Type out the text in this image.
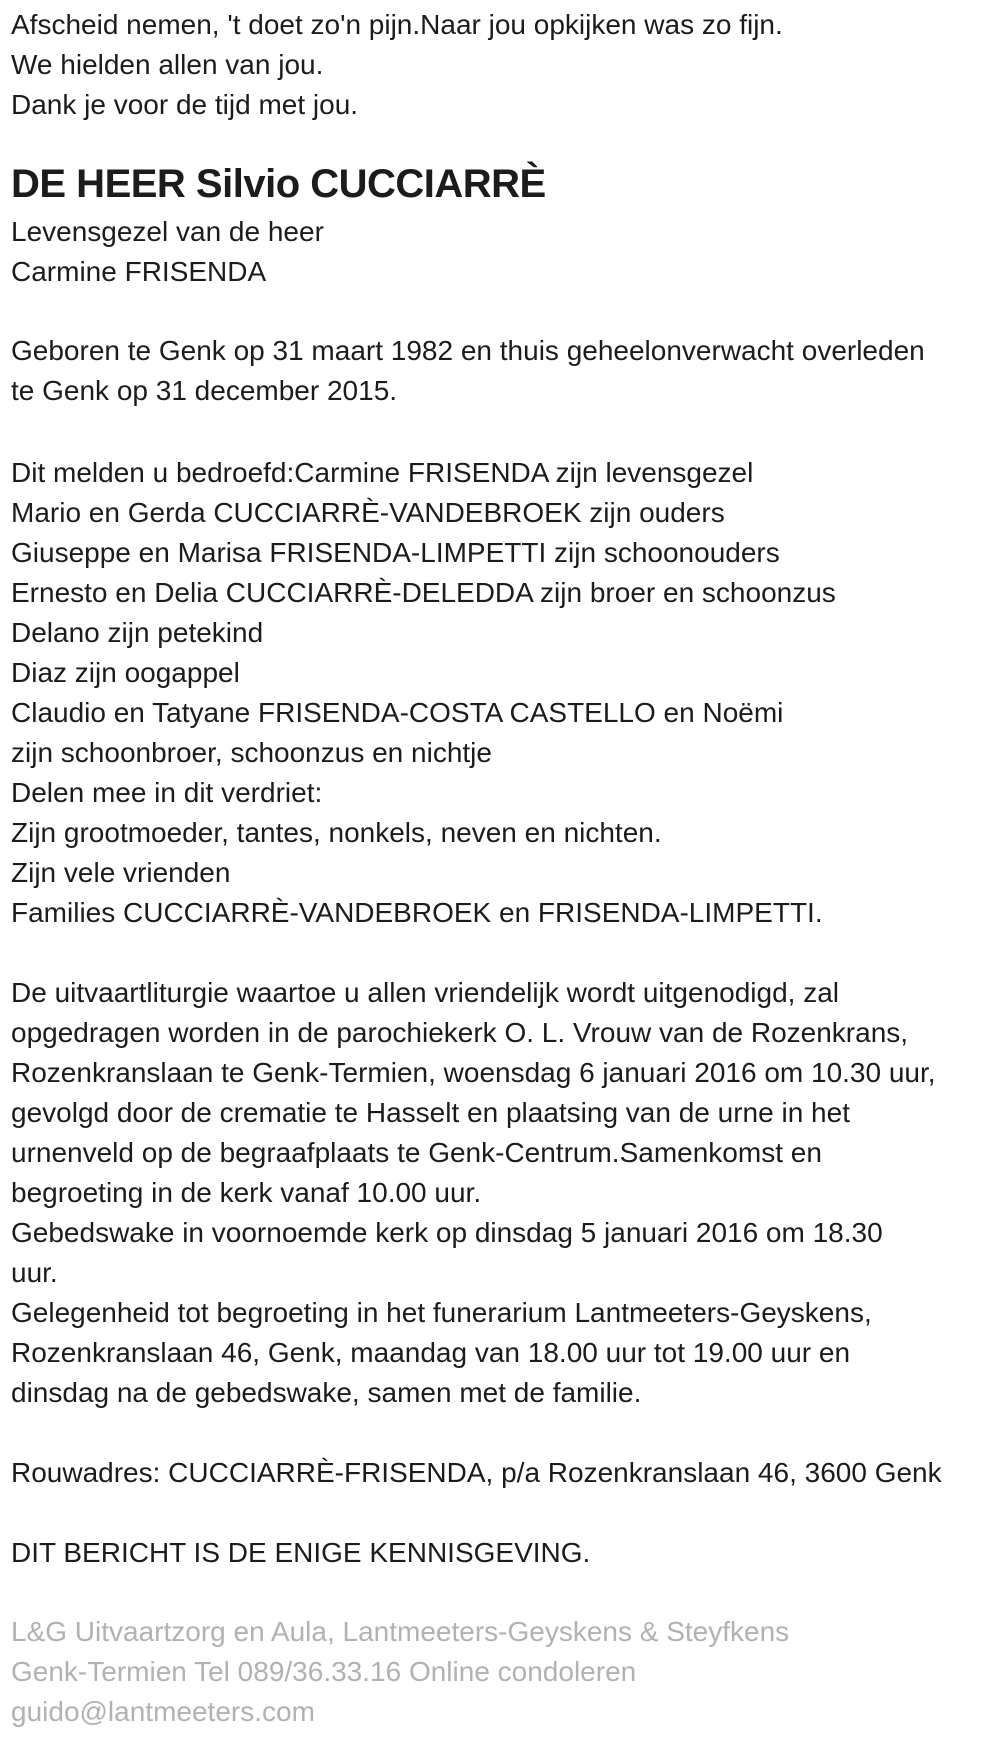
Afscheid nemen, 't doet zo'n pijn.Naar jou opkijken was zo fijn.
We hielden allen van jou.
Dank je voor de tijd met jou.
DE HEER Silvio CUCCIARRÈ
Levensgezel van de heer
Carmine FRISENDA
Geboren te Genk op 31 maart 1982 en thuis geheelonverwacht overleden
te Genk op 31 december 2015.
Dit melden u bedroefd:Carmine FRISENDA zijn levensgezel
Mario en Gerda CUCCIARRÈ-VANDEBROEK zijn ouders
Giuseppe en Marisa FRISENDA-LIMPETTI zijn schoonouders
Ernesto en Delia CUCCIARRÈ-DELEDDA zijn broer en schoonzus
Delano zijn petekind
Diaz zijn oogappel
Claudio en Tatyane FRISENDA-COSTA CASTELLO en Noëmi
zijn schoonbroer, schoonzus en nichtje
Delen mee in dit verdriet:
Zijn grootmoeder, tantes, nonkels, neven en nichten.
Zijn vele vrienden
Families CUCCIARRÈ-VANDEBROEK en FRISENDA-LIMPETTI.
De uitvaartliturgie waartoe u allen vriendelijk wordt uitgenodigd, zal
opgedragen worden in de parochiekerk O. L. Vrouw van de Rozenkrans,
Rozenkranslaan te Genk-Termien, woensdag 6 januari 2016 om 10.30 uur,
gevolgd door de crematie te Hasselt en plaatsing van de urne in het
urnenveld op de begraafplaats te Genk-Centrum.Samenkomst en
begroeting in de kerk vanaf 10.00 uur.
Gebedswake in voornoemde kerk op dinsdag 5 januari 2016 om 18.30
uur.
Gelegenheid tot begroeting in het funerarium Lantmeeters-Geyskens,
Rozenkranslaan 46, Genk, maandag van 18.00 uur tot 19.00 uur en
dinsdag na de gebedswake, samen met de familie.
Rouwadres: CUCCIARRÈ-FRISENDA, p/a Rozenkranslaan 46, 3600 Genk
DIT BERICHT IS DE ENIGE KENNISGEVING.
L&G Uitvaartzorg en Aula, Lantmeeters-Geyskens & Steyfkens
Genk-Termien Tel 089/36.33.16 Online condoleren
guido@lantmeeters.com
